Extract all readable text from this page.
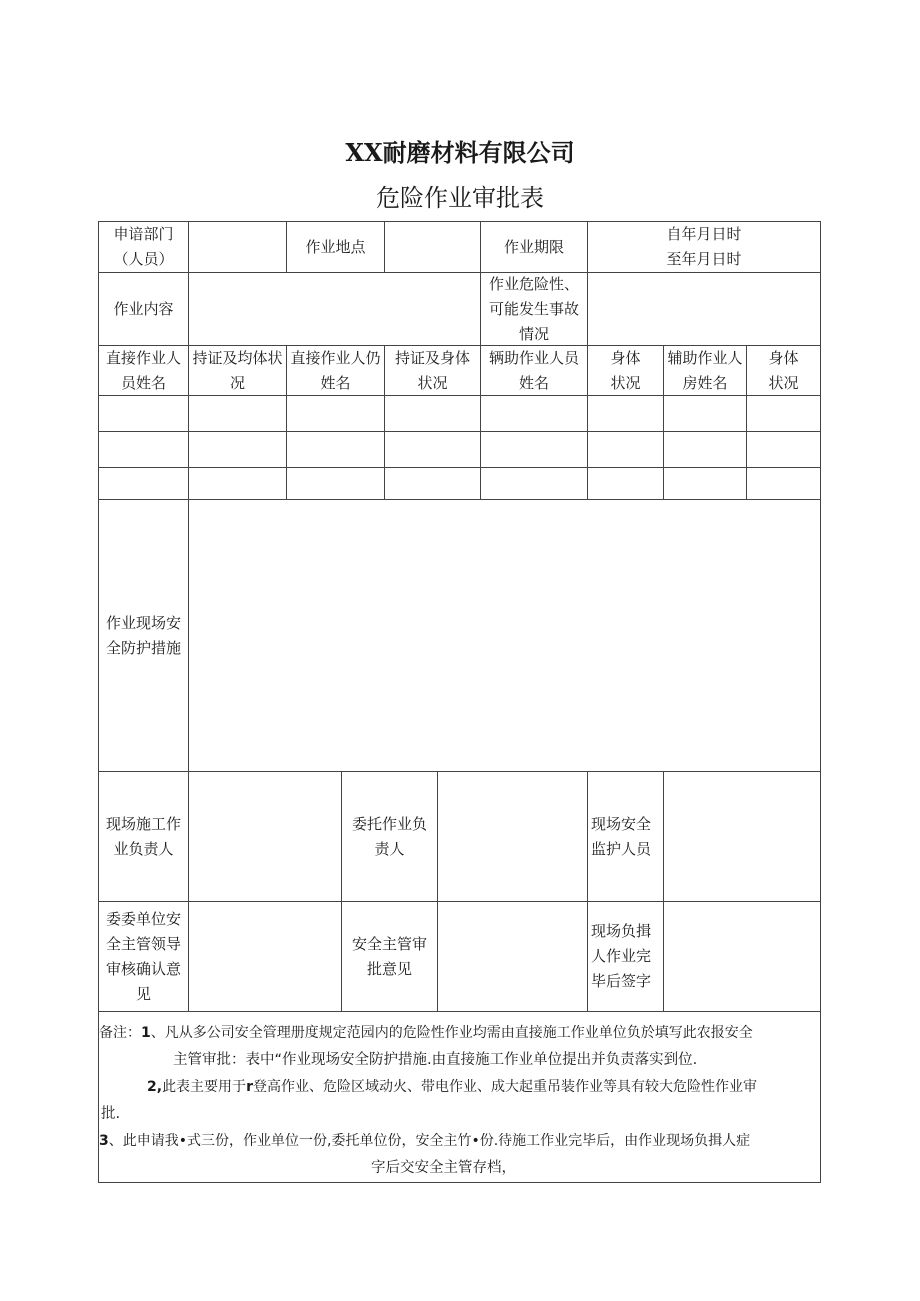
XX耐磨材料有限公司
危险作业审批表
申谙部门（人员）
作业地点	作业期限
自年月日时
至年月日时
作业内容
作业危险性、可能发生事故情况
直接作业人员姓名
持证及均体状况
直接作业人仍姓名
持证及身体状况
辆助作业人员姓名
身体状况
辅助作业人房姓名
身体状况
作业现场安全防护措施
现场施工作业负责人
委托作业负责人
现场安全监护人员
委委单位安全主管领导审核确认意见
安全主管审批意见
现场负揖人作业完毕后签字
备注：1、凡从多公司安全管理册度规定范园内的危险性作业均需由直接施工作业单位负於填写此农报安全
主管审批：表中“作业现场安全防护措施.由直接施工作业单位提出并负责落实到位.
2,此表主要用于r登高作业、危险区域动火、带电作业、成大起重吊装作业等具有较大危险性作业审
批.
3、此申请我•式三份，作业单位一份,委托单位份，安全主竹•份.待施工作业完毕后，由作业现场负揖人症
字后交安全主管存档，
